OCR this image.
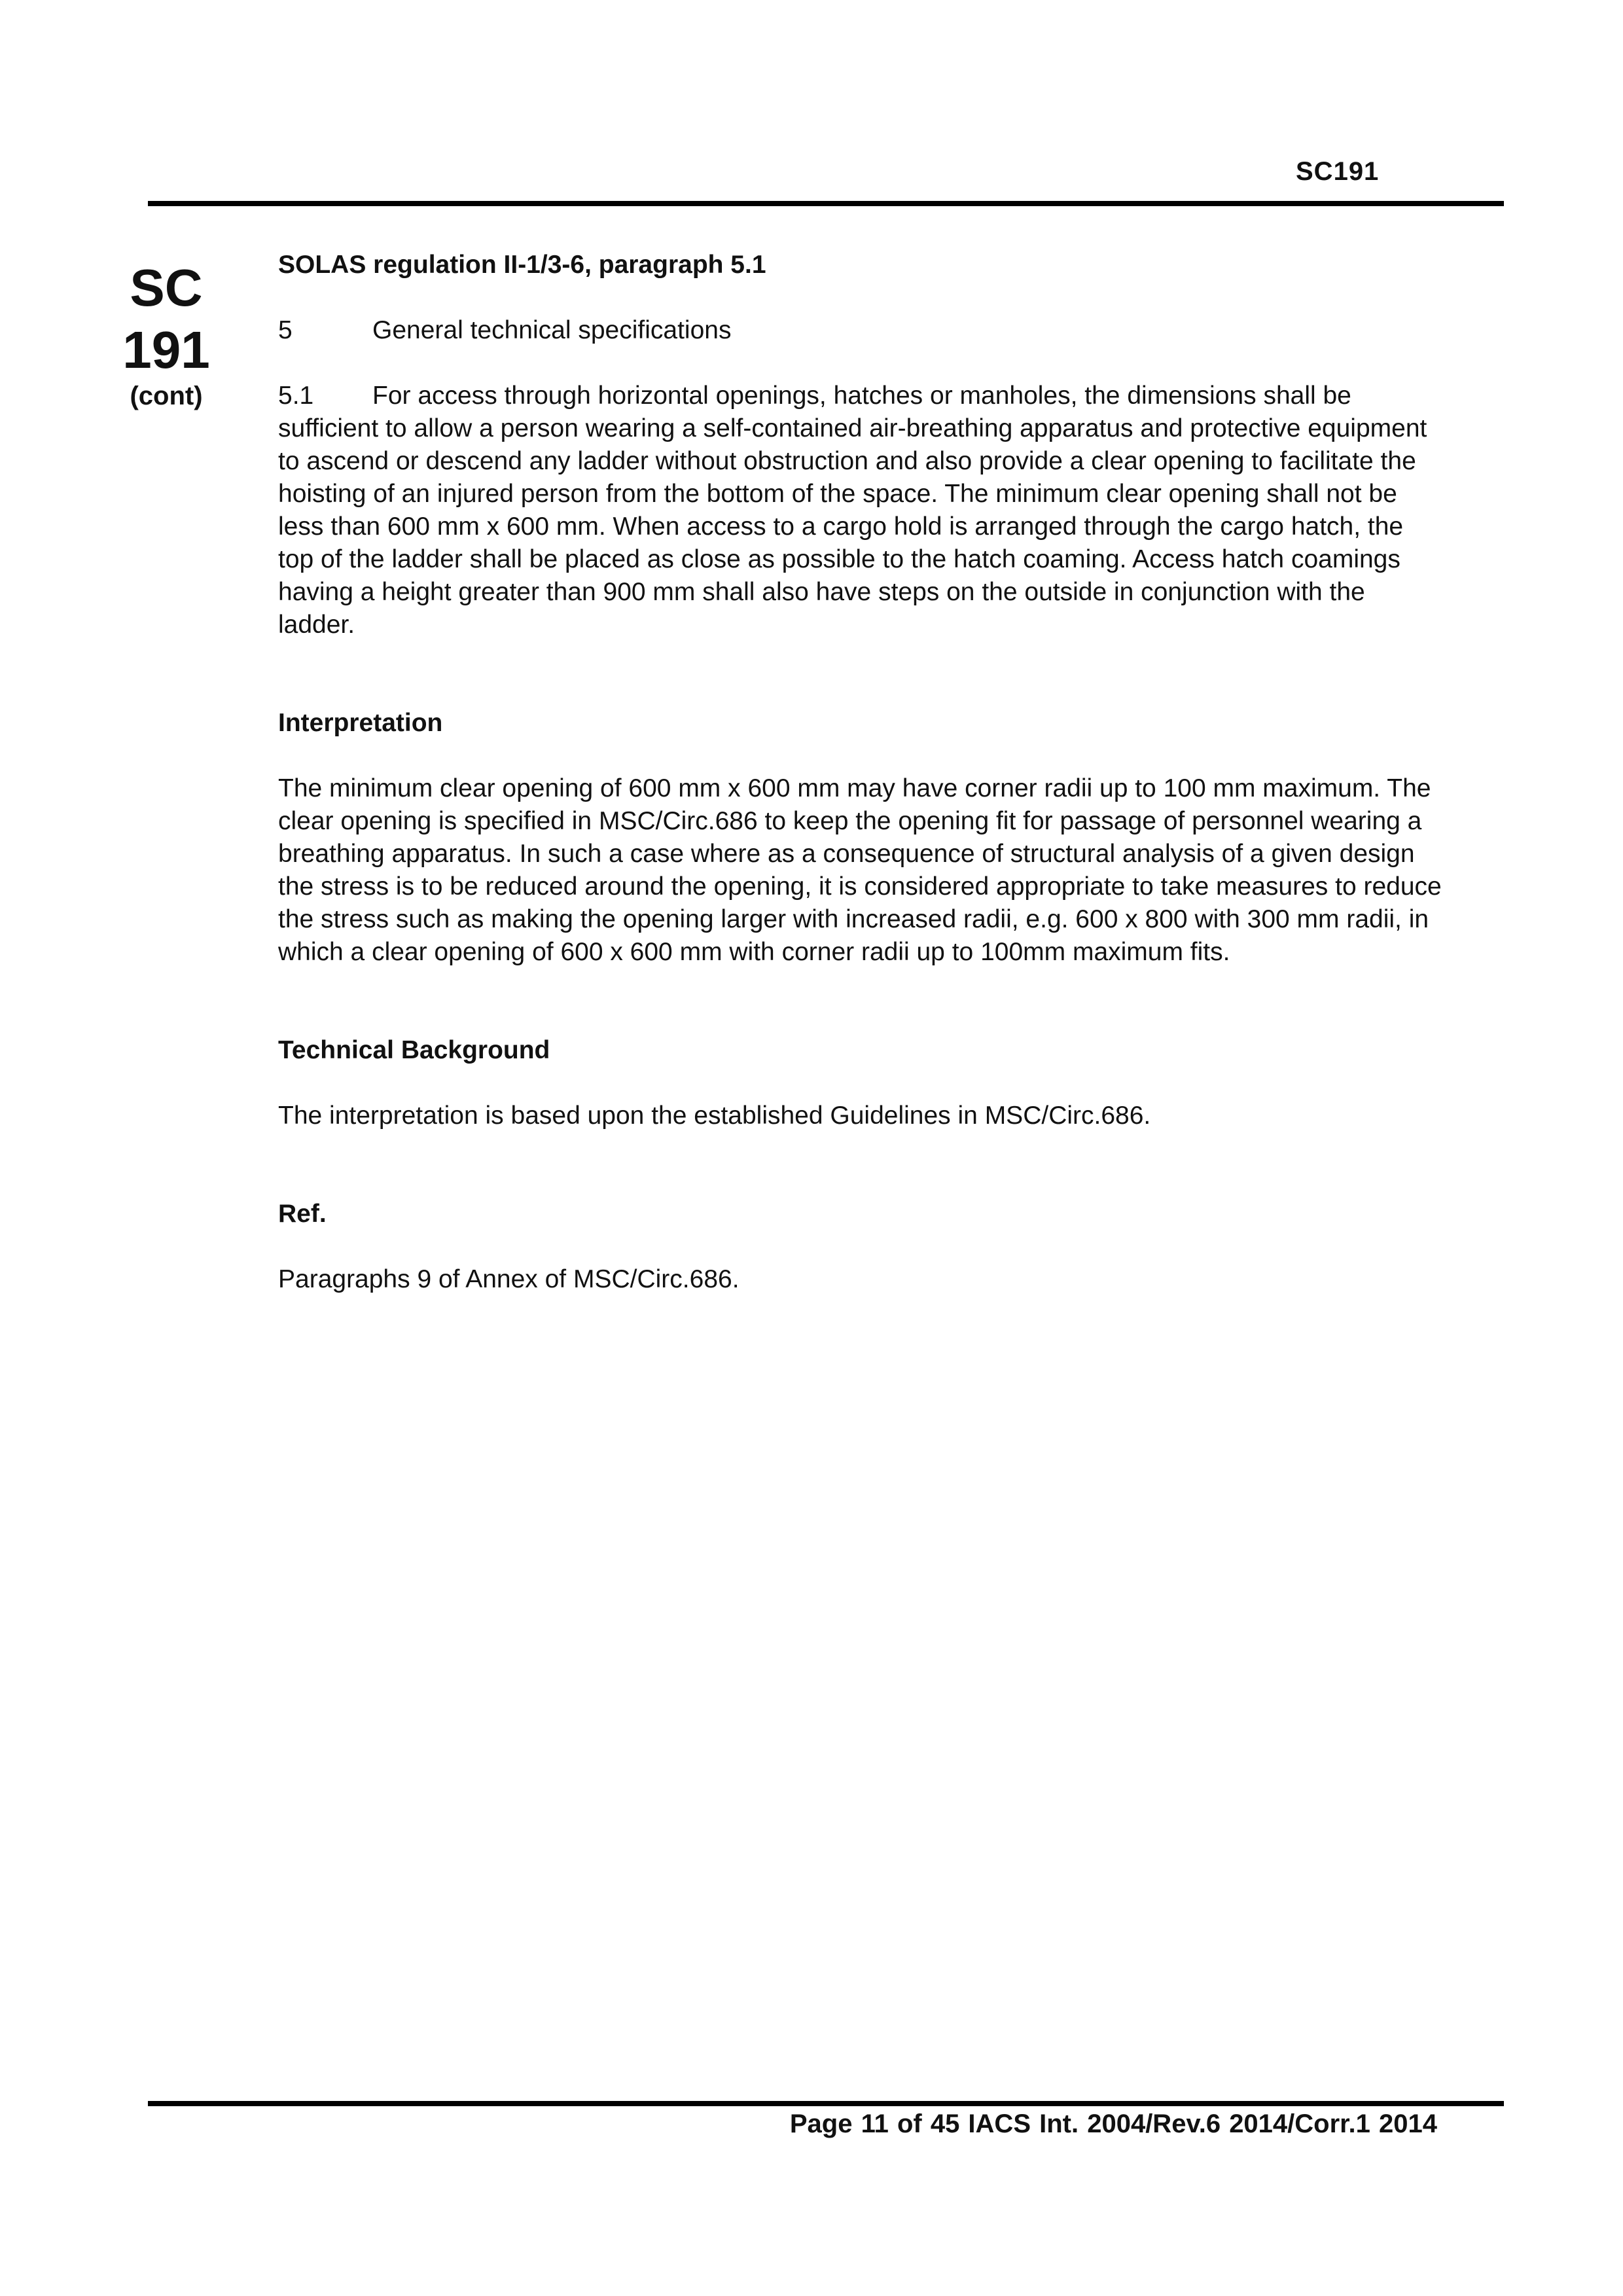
SC191
SC
191
(cont)

SOLAS regulation II-1/3-6, paragraph 5.1

5	General technical specifications

5.1 For access through horizontal openings, hatches or manholes, the dimensions shall be sufficient to allow a person wearing a self-contained air-breathing apparatus and protective equipment to ascend or descend any ladder without obstruction and also provide a clear opening to facilitate the hoisting of an injured person from the bottom of the space. The minimum clear opening shall not be less than 600 mm x 600 mm. When access to a cargo hold is arranged through the cargo hatch, the top of the ladder shall be placed as close as possible to the hatch coaming. Access hatch coamings having a height greater than 900 mm shall also have steps on the outside in conjunction with the ladder.

Interpretation

The minimum clear opening of 600 mm x 600 mm may have corner radii up to 100 mm maximum. The clear opening is specified in MSC/Circ.686 to keep the opening fit for passage of personnel wearing a breathing apparatus. In such a case where as a consequence of structural analysis of a given design the stress is to be reduced around the opening, it is considered appropriate to take measures to reduce the stress such as making the opening larger with increased radii, e.g. 600 x 800 with 300 mm radii, in which a clear opening of 600 x 600 mm with corner radii up to 100mm maximum fits.

Technical Background

The interpretation is based upon the established Guidelines in MSC/Circ.686.

Ref.

Paragraphs 9 of Annex of MSC/Circ.686.

Page 11 of 45 IACS Int. 2004/Rev.6 2014/Corr.1 2014
